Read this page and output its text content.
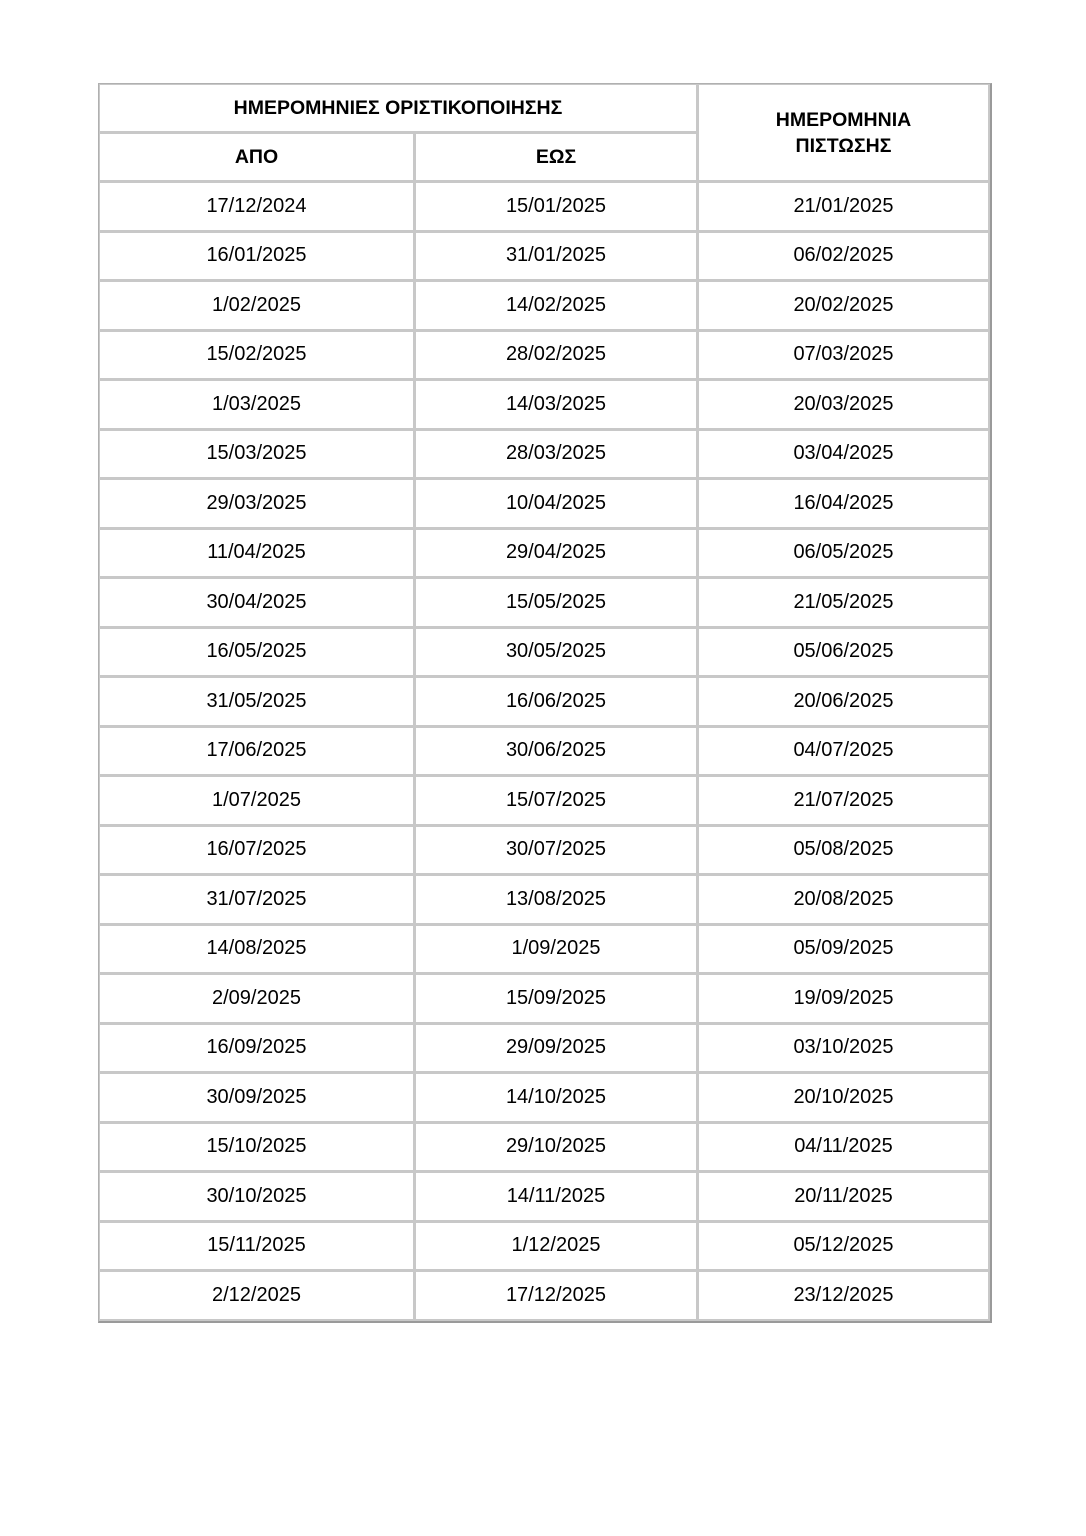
ΗΜΕΡΟΜΗΝΙΕΣ ΟΡΙΣΤΙΚΟΠΟΙΗΣΗΣ		ΗΜΕΡΟΜΗΝΙΑ
ΠΙΣΤΩΣΗΣ
ΑΠΟ	ΕΩΣ	
17/12/2024	15/01/2025	21/01/2025
16/01/2025	31/01/2025	06/02/2025
1/02/2025	14/02/2025	20/02/2025
15/02/2025	28/02/2025	07/03/2025
1/03/2025	14/03/2025	20/03/2025
15/03/2025	28/03/2025	03/04/2025
29/03/2025	10/04/2025	16/04/2025
11/04/2025	29/04/2025	06/05/2025
30/04/2025	15/05/2025	21/05/2025
16/05/2025	30/05/2025	05/06/2025
31/05/2025	16/06/2025	20/06/2025
17/06/2025	30/06/2025	04/07/2025
1/07/2025	15/07/2025	21/07/2025
16/07/2025	30/07/2025	05/08/2025
31/07/2025	13/08/2025	20/08/2025
14/08/2025	1/09/2025	05/09/2025
2/09/2025	15/09/2025	19/09/2025
16/09/2025	29/09/2025	03/10/2025
30/09/2025	14/10/2025	20/10/2025
15/10/2025	29/10/2025	04/11/2025
30/10/2025	14/11/2025	20/11/2025
15/11/2025	1/12/2025	05/12/2025
2/12/2025	17/12/2025	23/12/2025
